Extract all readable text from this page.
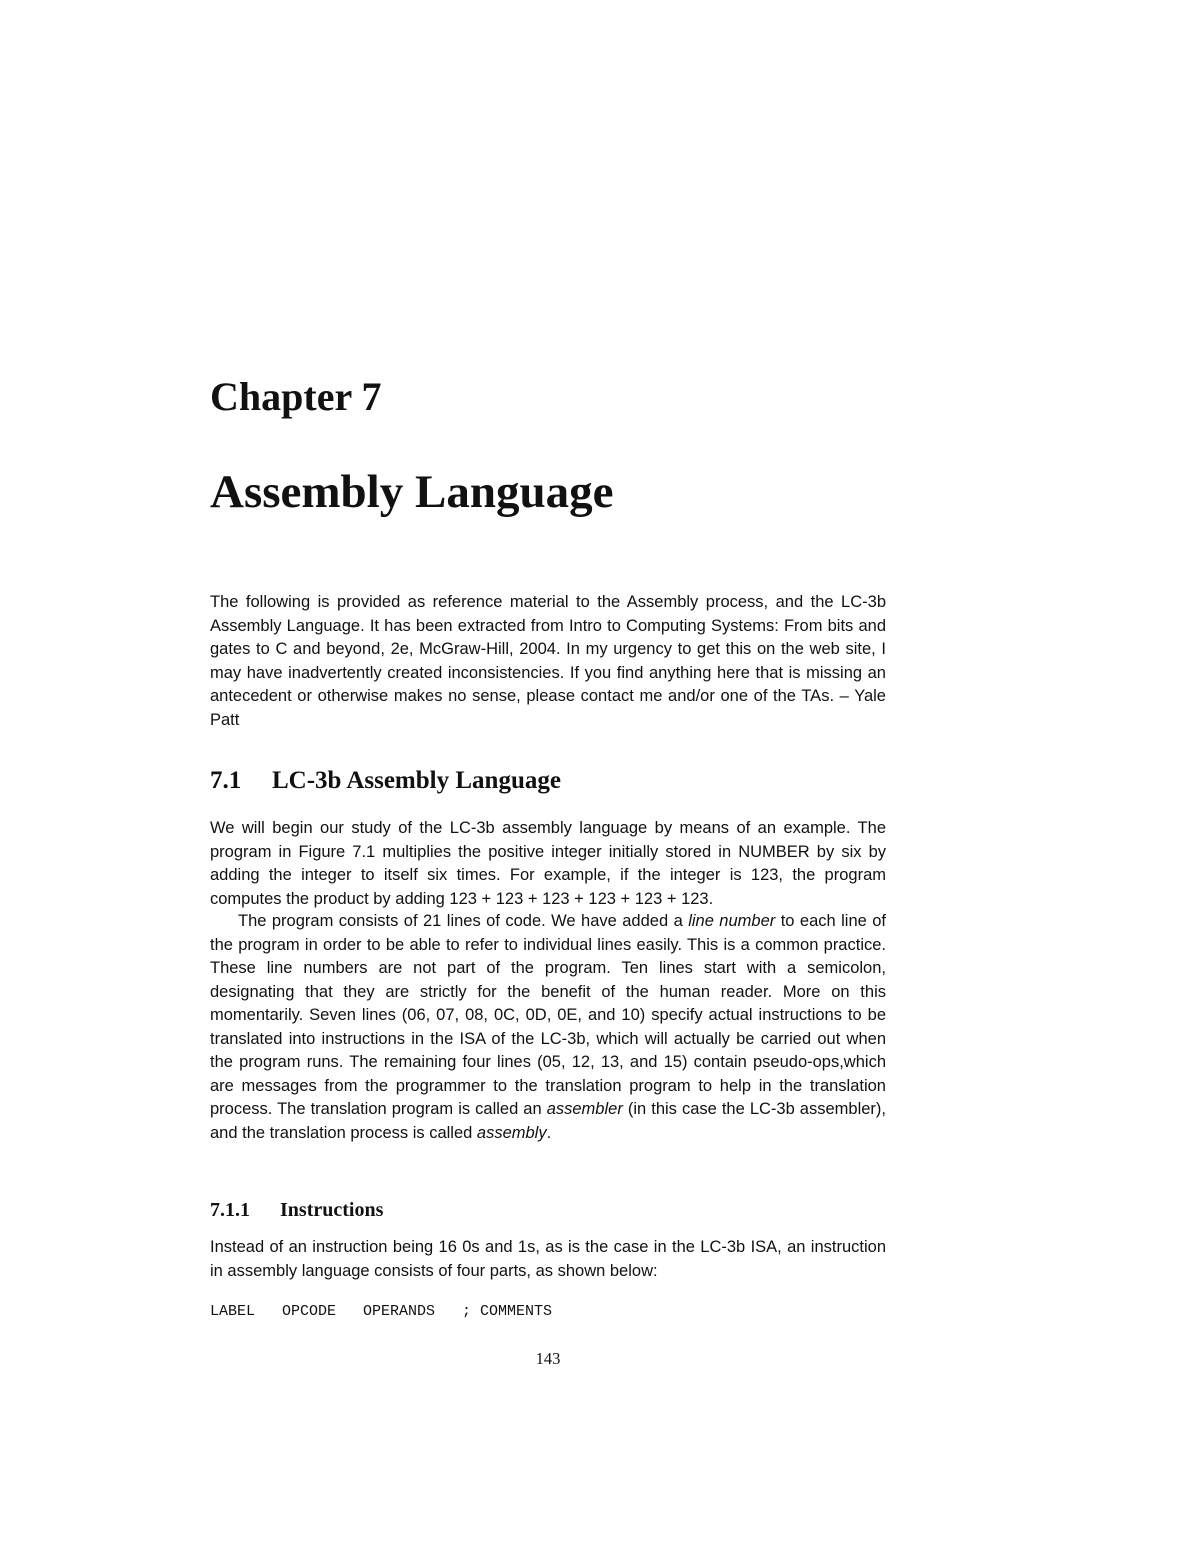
Chapter 7
Assembly Language

The following is provided as reference material to the Assembly process, and the LC-3b Assembly Language. It has been extracted from Intro to Computing Systems: From bits and gates to C and beyond, 2e, McGraw-Hill, 2004. In my urgency to get this on the web site, I may have inadvertently created inconsistencies. If you find anything here that is missing an antecedent or otherwise makes no sense, please contact me and/or one of the TAs. – Yale Patt

7.1 LC-3b Assembly Language

We will begin our study of the LC-3b assembly language by means of an example. The program in Figure 7.1 multiplies the positive integer initially stored in NUMBER by six by adding the integer to itself six times. For example, if the integer is 123, the program computes the product by adding 123 + 123 + 123 + 123 + 123 + 123.

The program consists of 21 lines of code. We have added a line number to each line of the program in order to be able to refer to individual lines easily. This is a common practice. These line numbers are not part of the program. Ten lines start with a semicolon, designating that they are strictly for the benefit of the human reader. More on this momentarily. Seven lines (06, 07, 08, 0C, 0D, 0E, and 10) specify actual instructions to be translated into instructions in the ISA of the LC-3b, which will actually be carried out when the program runs. The remaining four lines (05, 12, 13, and 15) contain pseudo-ops,which are messages from the programmer to the translation program to help in the translation process. The translation program is called an assembler (in this case the LC-3b assembler), and the translation process is called assembly.

7.1.1 Instructions

Instead of an instruction being 16 0s and 1s, as is the case in the LC-3b ISA, an instruction in assembly language consists of four parts, as shown below:

LABEL   OPCODE   OPERANDS   ; COMMENTS
143
